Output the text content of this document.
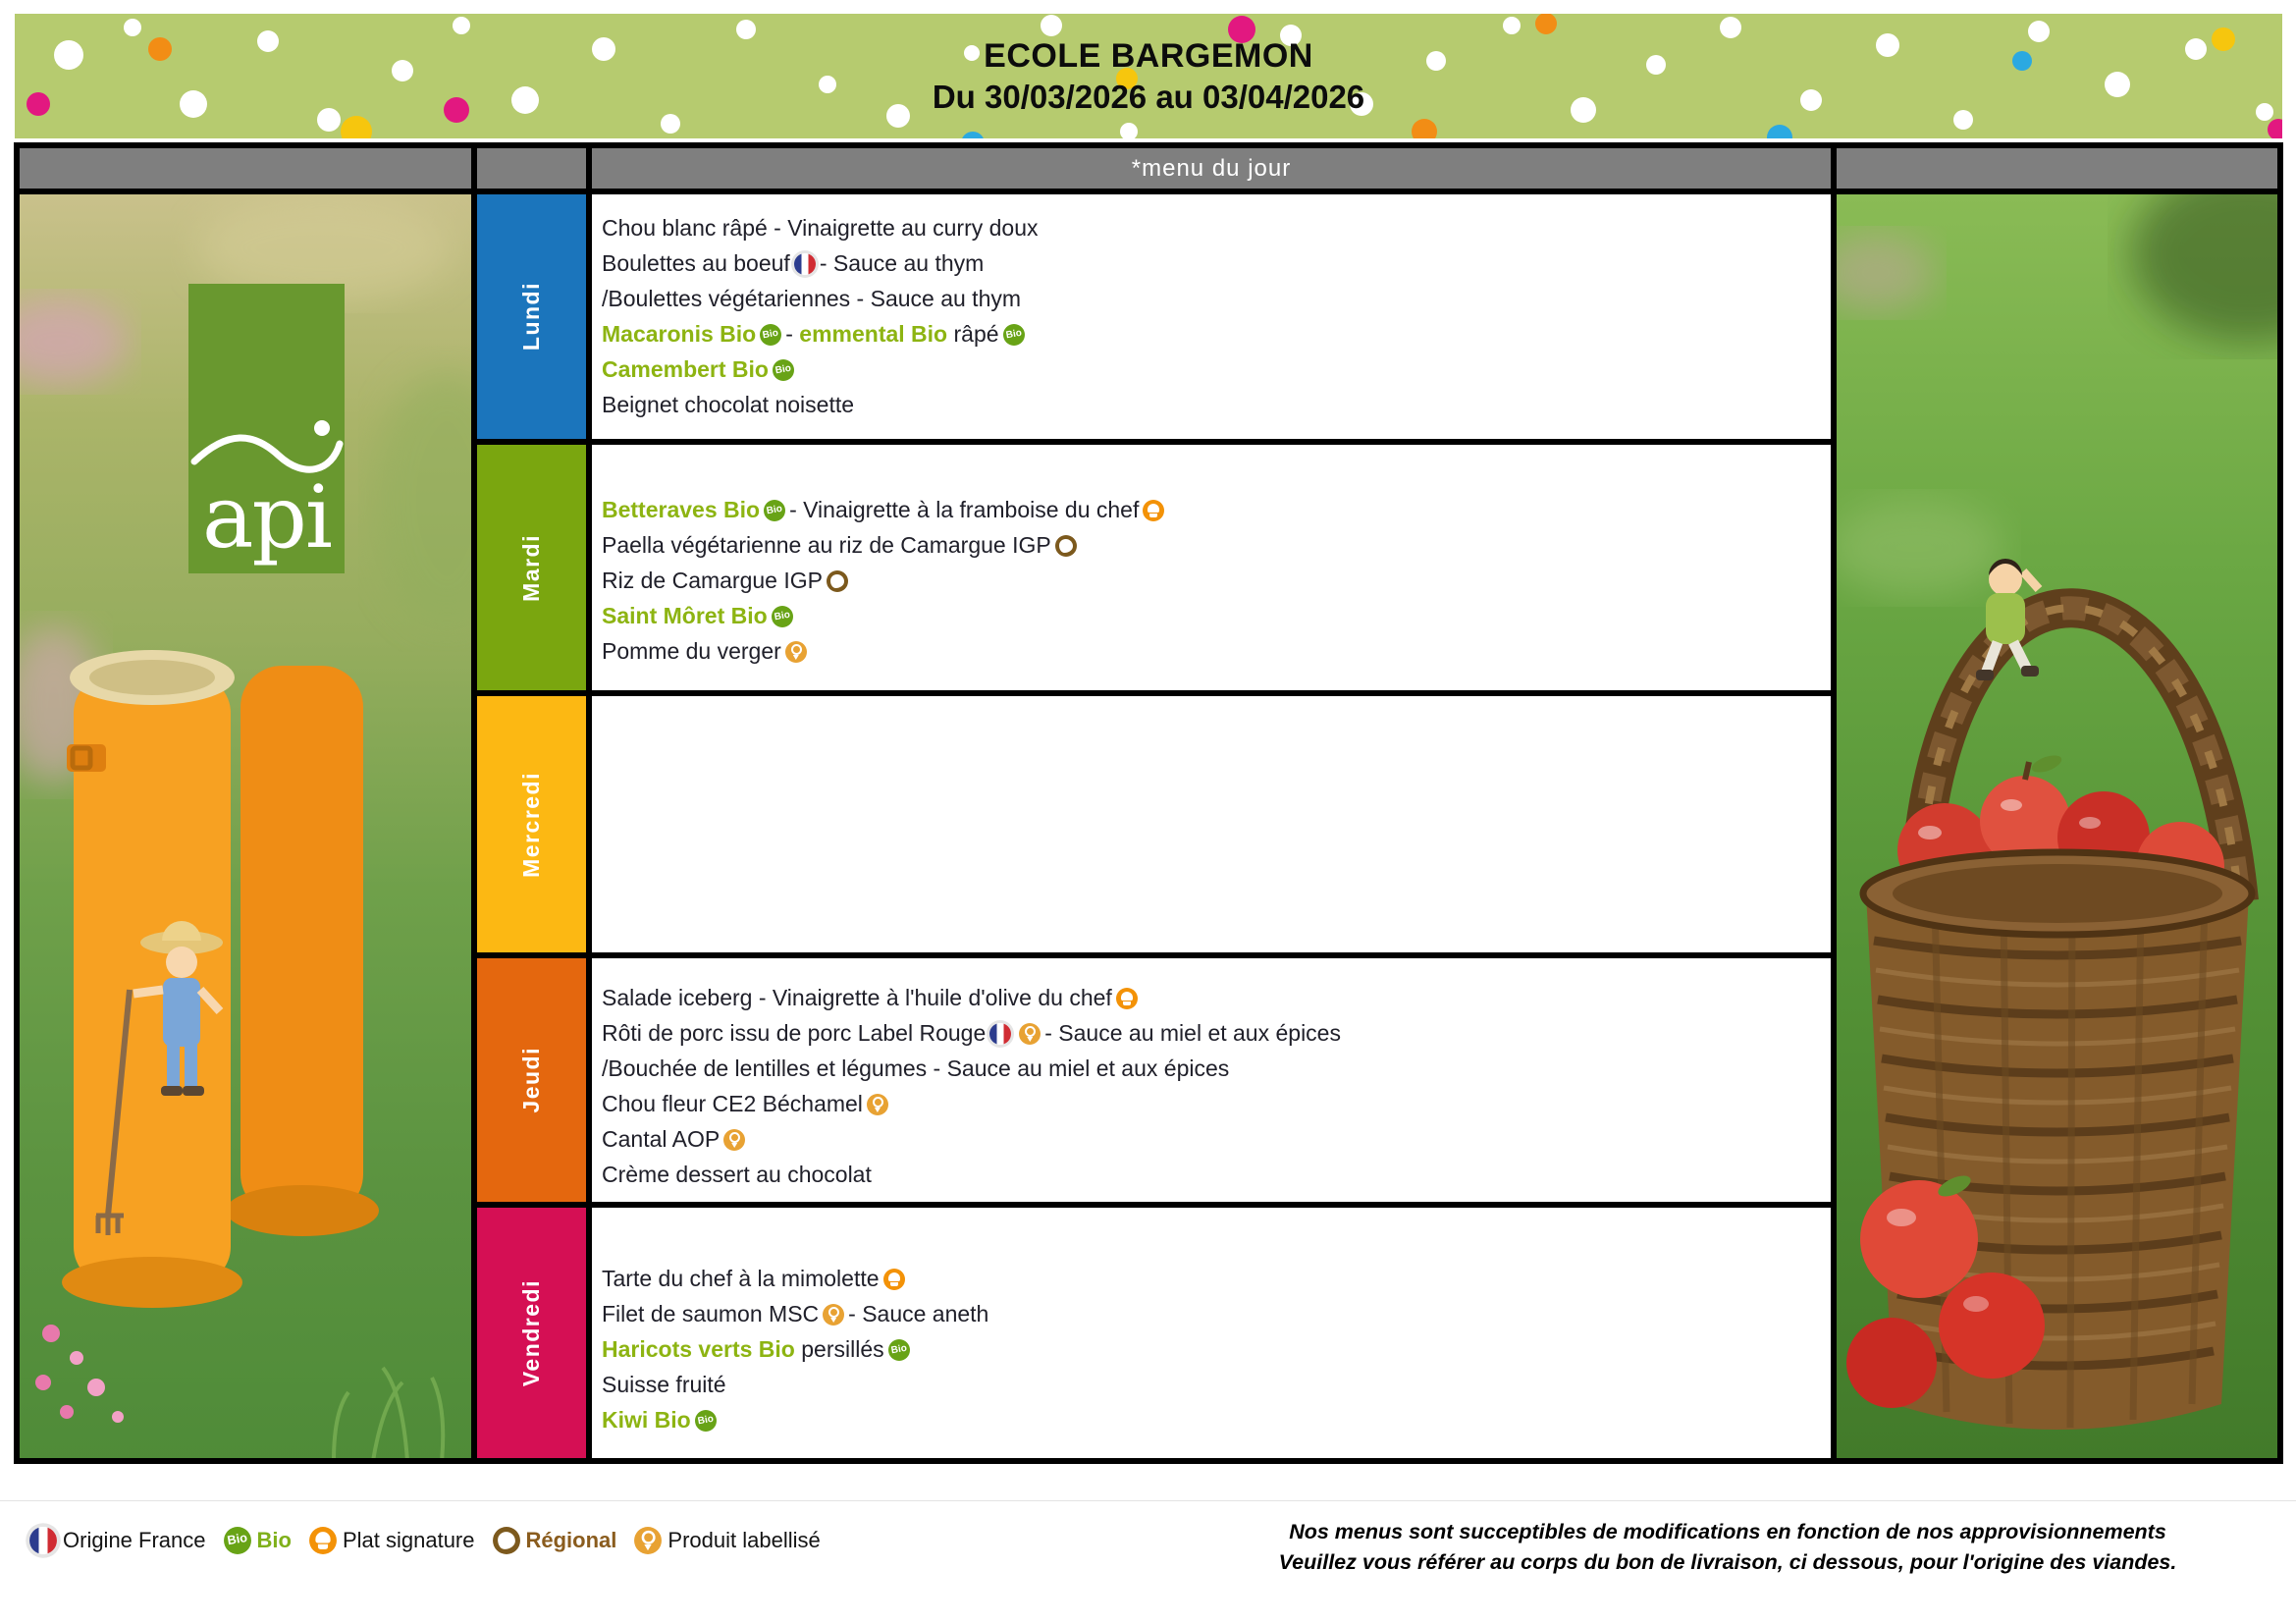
ECOLE BARGEMON
Du 30/03/2026 au 03/04/2026
*menu du jour
api
Lundi
Mardi
Mercredi
Jeudi
Vendredi
Chou blanc râpé - Vinaigrette au curry doux
Boulettes au boeuf - Sauce au thym
/Boulettes végétariennes - Sauce au thym
Macaronis Bio Bio - emmental Bio râpéBio
Camembert BioBio
Beignet chocolat noisette
Betteraves Bio Bio - Vinaigrette à la framboise du chef
Paella végétarienne au riz de Camargue IGP
Riz de Camargue IGP
Saint Môret BioBio
Pomme du verger
Salade iceberg - Vinaigrette à l'huile d'olive du chef
Rôti de porc issu de porc Label Rouge	- Sauce au miel et aux épices
/Bouchée de lentilles et légumes - Sauce au miel et aux épices
Chou fleur CE2 Béchamel
Cantal AOP
Crème dessert au chocolat
Tarte du chef à la mimolette
Filet de saumon MSC - Sauce aneth
Haricots verts Bio persillésBio
Suisse fruité
Kiwi BioBio
Origine France Bio Bio Plat signature Régional Produit labellisé	Nos menus sont succeptibles de modifications en fonction de nos approvisionnements
Veuillez vous référer au corps du bon de livraison, ci dessous, pour l'origine des viandes.
